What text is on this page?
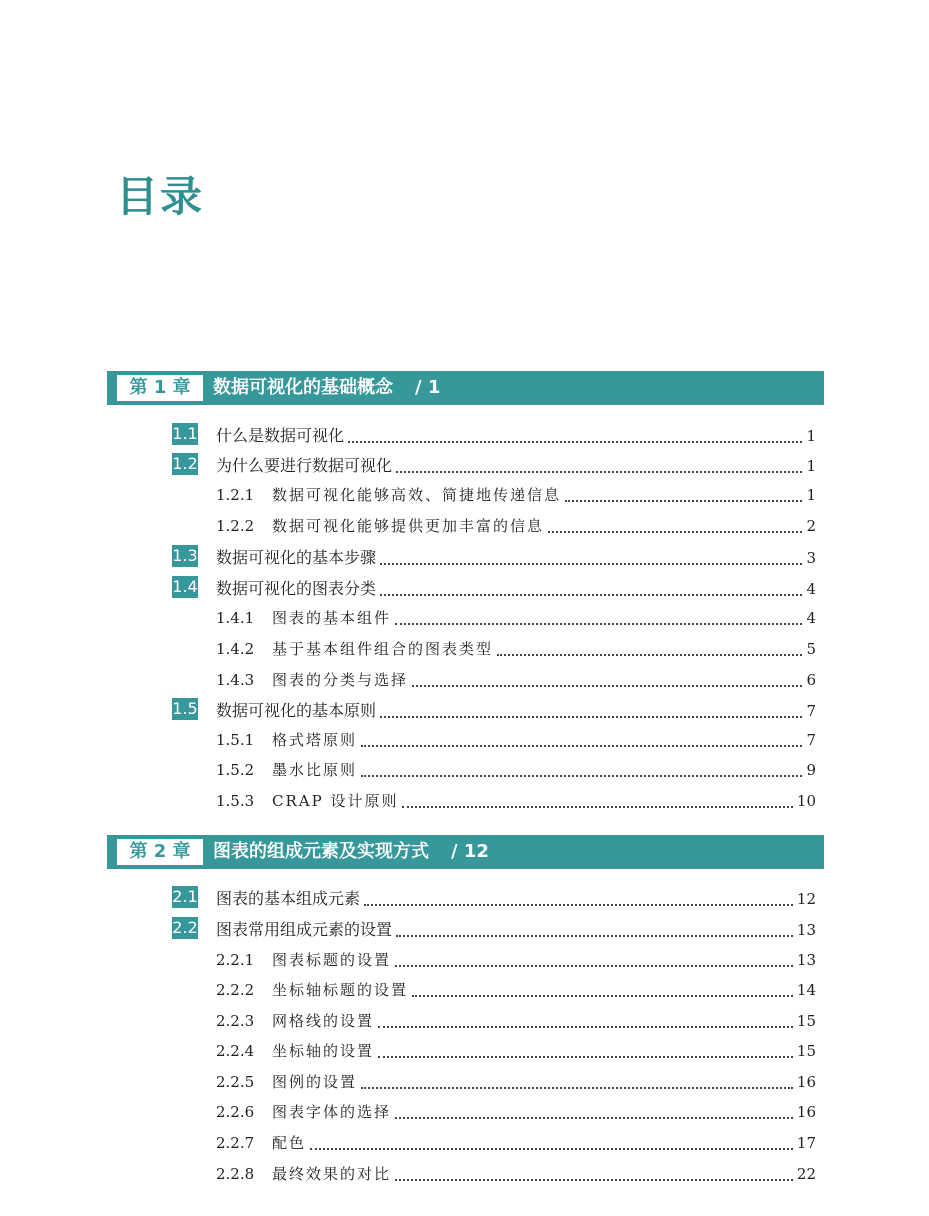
目录
第 1 章	数据可视化的基础概念 / 1
1.1 什么是数据可视化	1
1.2 为什么要进行数据可视化	1
1.2.1	数据可视化能够高效、简捷地传递信息	1
1.2.2	数据可视化能够提供更加丰富的信息	2
1.3 数据可视化的基本步骤	3
1.4 数据可视化的图表分类	4
1.4.1	图表的基本组件	4
1.4.2	基于基本组件组合的图表类型	5
1.4.3	图表的分类与选择	6
1.5 数据可视化的基本原则	7
1.5.1	格式塔原则	7
1.5.2	墨水比原则	9
1.5.3	CRAP 设计原则	10
第 2 章	图表的组成元素及实现方式 / 12
2.1 图表的基本组成元素	12
2.2 图表常用组成元素的设置	13
2.2.1	图表标题的设置	13
2.2.2	坐标轴标题的设置	14
2.2.3	网格线的设置	15
2.2.4	坐标轴的设置	15
2.2.5	图例的设置	16
2.2.6	图表字体的选择	16
2.2.7	配色	17
2.2.8	最终效果的对比	22
